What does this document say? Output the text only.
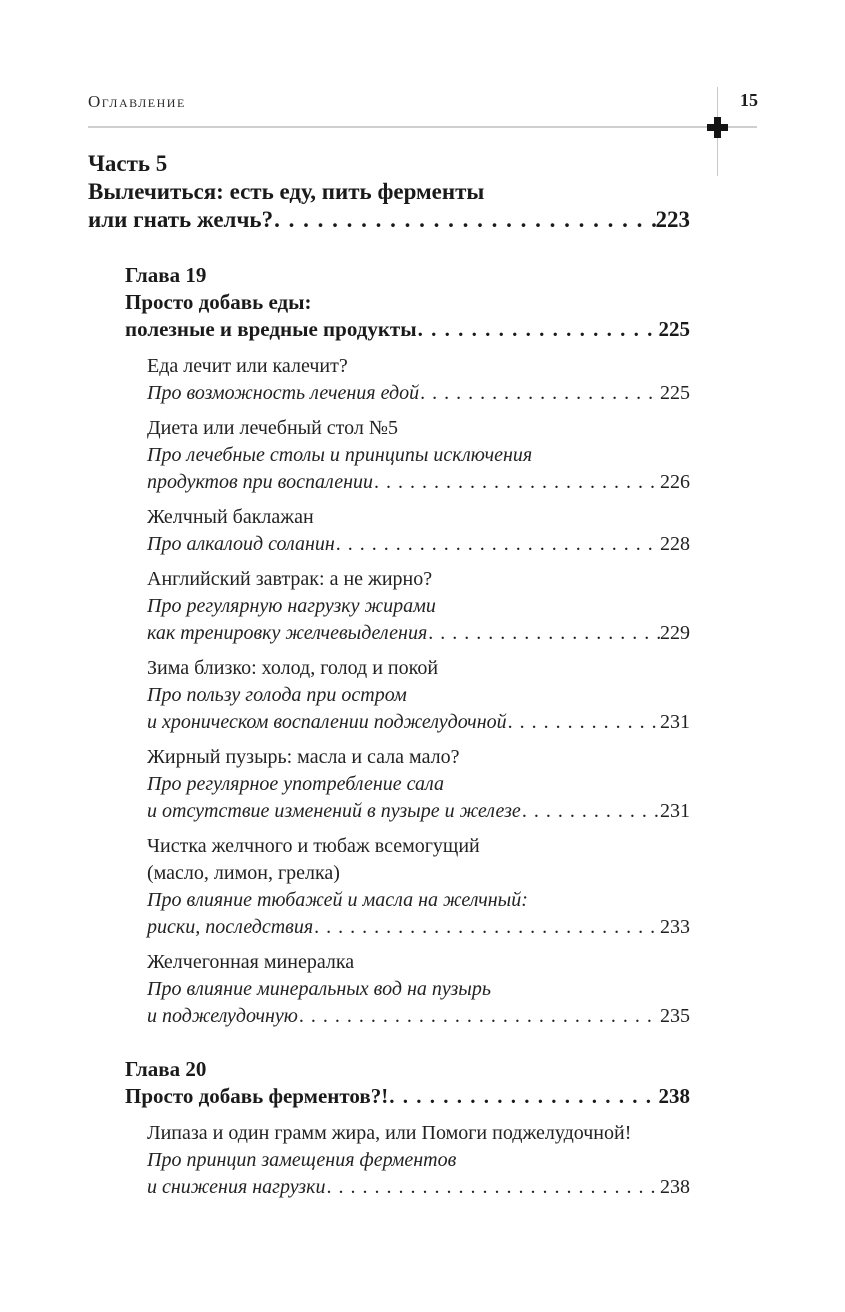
Оглавление	15
Часть 5
Вылечиться: есть еду, пить ферменты
или гнать желчь? . . .	223
Глава 19
Просто добавь еды:
полезные и вредные продукты . . .	225
Еда лечит или калечит?
Про возможность лечения едой . . .	225
Диета или лечебный стол №5
Про лечебные столы и принципы исключения
продуктов при воспалении . . .	226
Желчный баклажан
Про алкалоид соланин . . .	228
Английский завтрак: а не жирно?
Про регулярную нагрузку жирами
как тренировку желчевыделения . . .	229
Зима близко: холод, голод и покой
Про пользу голода при остром
и хроническом воспалении поджелудочной . . .	231
Жирный пузырь: масла и сала мало?
Про регулярное употребление сала
и отсутствие изменений в пузыре и железе . . .	231
Чистка желчного и тюбаж всемогущий
(масло, лимон, грелка)
Про влияние тюбажей и масла на желчный:
риски, последствия . . .	233
Желчегонная минералка
Про влияние минеральных вод на пузырь
и поджелудочную . . .	235
Глава 20
Просто добавь ферментов?! . . .	238
Липаза и один грамм жира, или Помоги поджелудочной!
Про принцип замещения ферментов
и снижения нагрузки . . .	238
